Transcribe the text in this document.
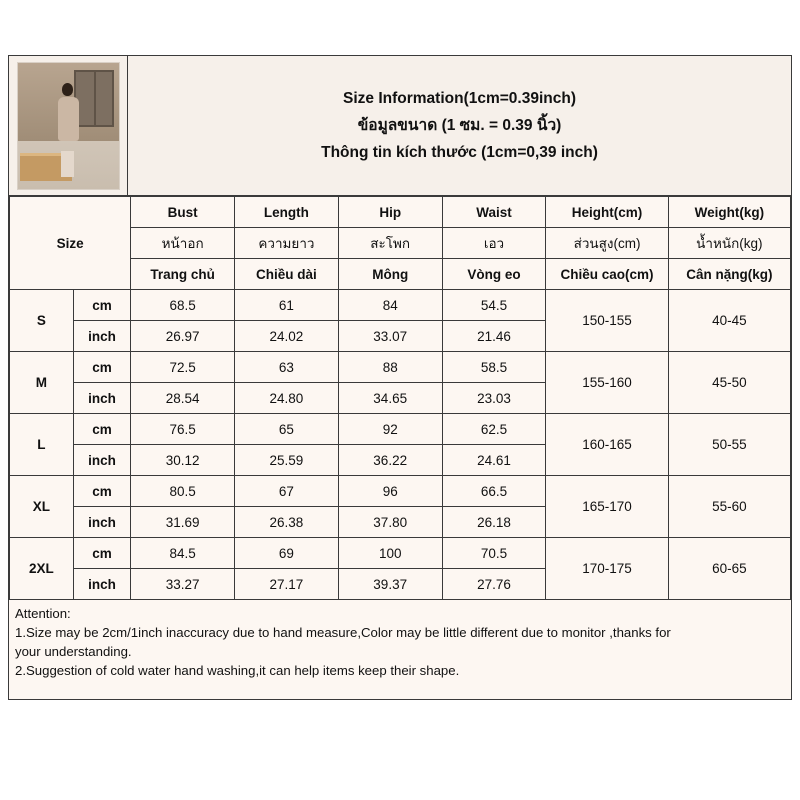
Size Information(1cm=0.39inch)
ข้อมูลขนาด (1 ซม. = 0.39 นิ้ว)
Thông tin kích thước (1cm=0,39 inch)
Size		Bust	Length	Hip	Waist	Height(cm)	Weight(kg)
		หน้าอก	ความยาว	สะโพก	เอว	ส่วนสูง(cm)	น้ำหนัก(kg)
		Trang chủ	Chiều dài	Mông	Vòng eo	Chiều cao(cm)	Cân nặng(kg)
S	cm	68.5	61	84	54.5	150-155	40-45
	inch	26.97	24.02	33.07	21.46		
M	cm	72.5	63	88	58.5	155-160	45-50
	inch	28.54	24.80	34.65	23.03		
L	cm	76.5	65	92	62.5	160-165	50-55
	inch	30.12	25.59	36.22	24.61		
XL	cm	80.5	67	96	66.5	165-170	55-60
	inch	31.69	26.38	37.80	26.18		
2XL	cm	84.5	69	100	70.5	170-175	60-65
	inch	33.27	27.17	39.37	27.76		
Attention:
1.Size may be 2cm/1inch inaccuracy due to hand measure,Color may be little different due to monitor ,thanks for
your understanding.
2.Suggestion of cold water hand washing,it can help items keep their shape.
